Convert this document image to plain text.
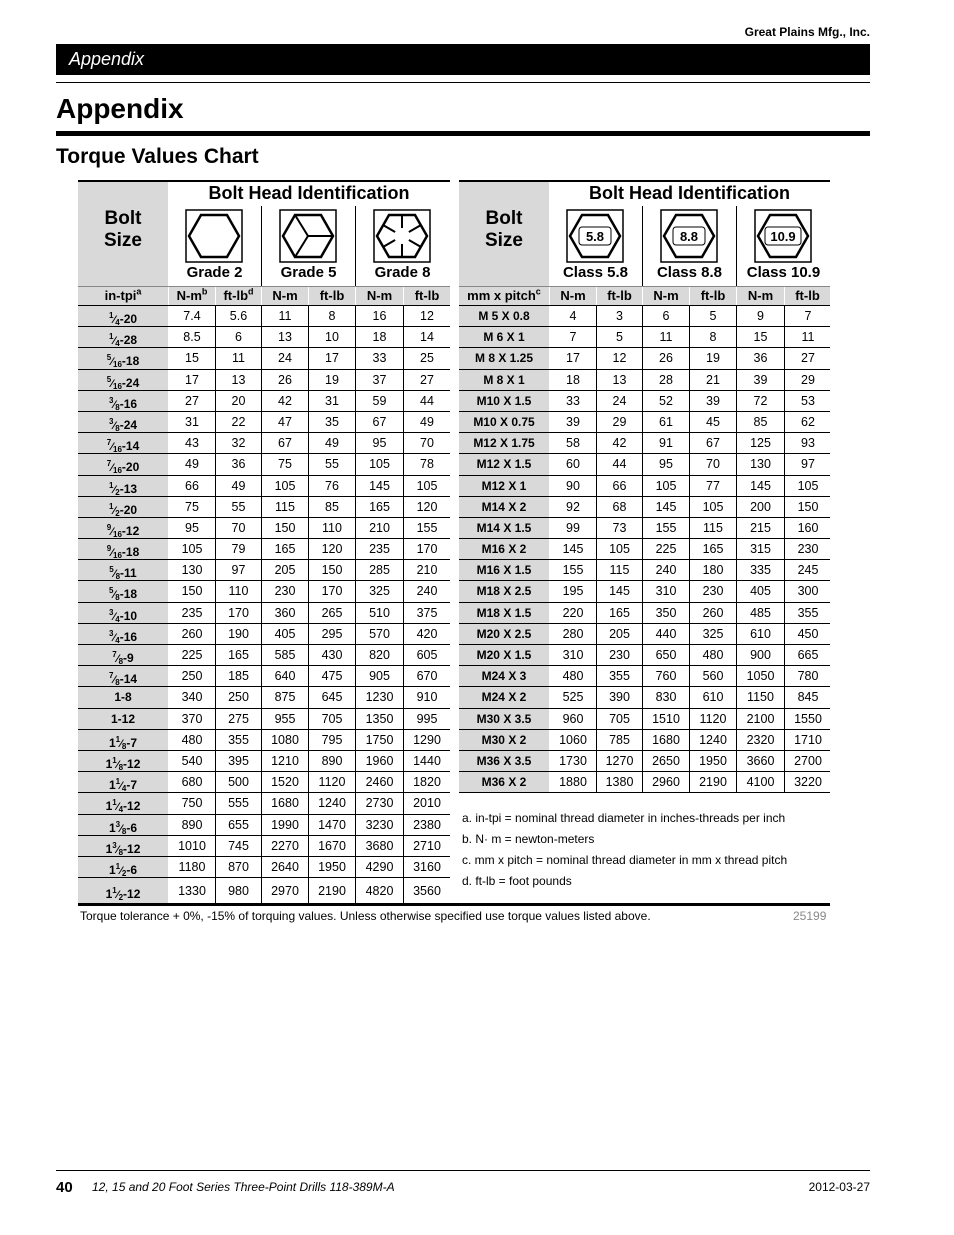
Great Plains Mfg., Inc.
Appendix
Appendix
Torque Values Chart
Bolt
Size
Bolt Head Identification
Grade 2	Grade 5	Grade 8
in-tpi$^a$	$N-m^b$	$ft-lb^d$	N-m	ft-lb	N-m	ft-lb
$^1$⁄4-20	7.4	5.6	11	8	16	12
$^1$⁄4-28	8.5	6	13	10	18	14
$^5$⁄16-18	15	11	24	17	33	25
$^5$⁄16-24	17	13	26	19	37	27
$^3$⁄8-16	27	20	42	31	59	44
$^3$⁄8-24	31	22	47	35	67	49
$^7$⁄16-14	43	32	67	49	95	70
$^7$⁄16-20	49	36	75	55	105	78
$^1$⁄2-13	66	49	105	76	145	105
$^1$⁄2-20	75	55	115	85	165	120
$^9$⁄16-12	95	70	150	110	210	155
$^9$⁄16-18	105	79	165	120	235	170
$^5$⁄8-11	130	97	205	150	285	210
$^5$⁄8-18	150	110	230	170	325	240
$^3$⁄4-10	235	170	360	265	510	375
$^3$⁄4-16	260	190	405	295	570	420
$^7$⁄8-9	225	165	585	430	820	605
$^7$⁄8-14	250	185	640	475	905	670
1-8	340	250	875	645	1230	910
1-12	370	275	955	705	1350	995
$1^1⁄8-7$	480	355	1080	795	1750	1290
$1^1⁄8-12$	540	395	1210	890	1960	1440
$1^1⁄4-7$	680	500	1520	1120	2460	1820
$1^1⁄4-12$	750	555	1680	1240	2730	2010
$1^3⁄8-6$	890	655	1990	1470	3230	2380
$1^3⁄8-12$	1010	745	2270	1670	3680	2710
$1^1⁄2-6$	1180	870	2640	1950	4290	3160
$1^1⁄2-12$	1330	980	2970	2190	4820	3560
Bolt
Size
Bolt Head Identification
5.8
Class 5.8
8.8
Class 8.8
10.9
Class 10.9
mm x pitch$^c$	N-m	ft-lb	N-m	ft-lb	N-m	ft-lb
M 5 X 0.8	4	3	6	5	9	7
M 6 X 1	7	5	11	8	15	11
M 8 X 1.25	17	12	26	19	36	27
M 8 X 1	18	13	28	21	39	29
M10 X 1.5	33	24	52	39	72	53
M10 X 0.75	39	29	61	45	85	62
M12 X 1.75	58	42	91	67	125	93
M12 X 1.5	60	44	95	70	130	97
M12 X 1	90	66	105	77	145	105
M14 X 2	92	68	145	105	200	150
M14 X 1.5	99	73	155	115	215	160
M16 X 2	145	105	225	165	315	230
M16 X 1.5	155	115	240	180	335	245
M18 X 2.5	195	145	310	230	405	300
M18 X 1.5	220	165	350	260	485	355
M20 X 2.5	280	205	440	325	610	450
M20 X 1.5	310	230	650	480	900	665
M24 X 3	480	355	760	560	1050	780
M24 X 2	525	390	830	610	1150	845
M30 X 3.5	960	705	1510	1120	2100	1550
M30 X 2	1060	785	1680	1240	2320	1710
M36 X 3.5	1730	1270	2650	1950	3660	2700
M36 X 2	1880	1380	2960	2190	4100	3220
a. in-tpi = nominal thread diameter in inches-threads per inch
b. N· m = newton-meters
c. mm x pitch = nominal thread diameter in mm x thread pitch
d. ft-lb = foot pounds
Torque tolerance + 0%, -15% of torquing values. Unless otherwise specified use torque values listed above.	25199
40 12, 15 and 20 Foot Series Three-Point Drills 118-389M-A	2012-03-27
